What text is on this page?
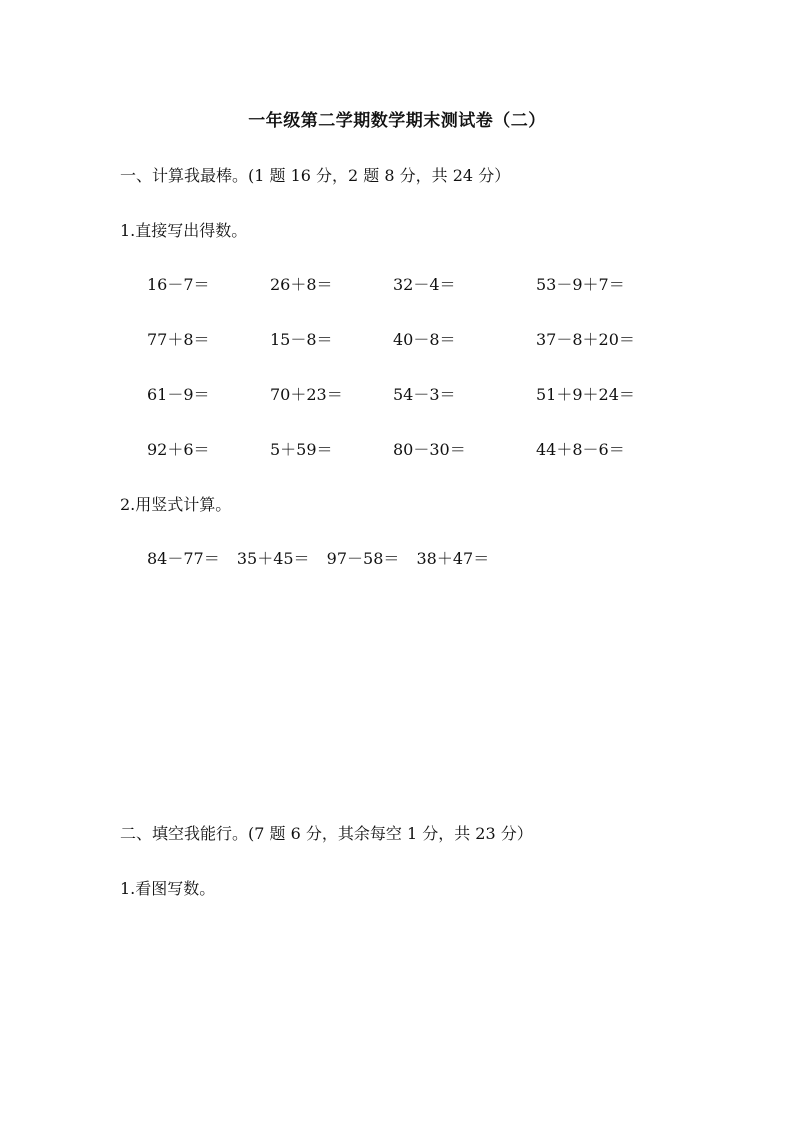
一年级第二学期数学期末测试卷（二）
一、计算我最棒。(1 题 16 分，2 题 8 分，共 24 分）
1.直接写出得数。
16－7＝	26＋8＝	32－4＝	53－9＋7＝
77＋8＝	15－8＝	40－8＝	37－8＋20＝
61－9＝	70＋23＝	54－3＝	51＋9＋24＝
92＋6＝	5＋59＝	80－30＝	44＋8－6＝
2.用竖式计算。
84－77＝ 35＋45＝ 97－58＝ 38＋47＝
二、填空我能行。(7 题 6 分，其余每空 1 分，共 23 分）
1.看图写数。
